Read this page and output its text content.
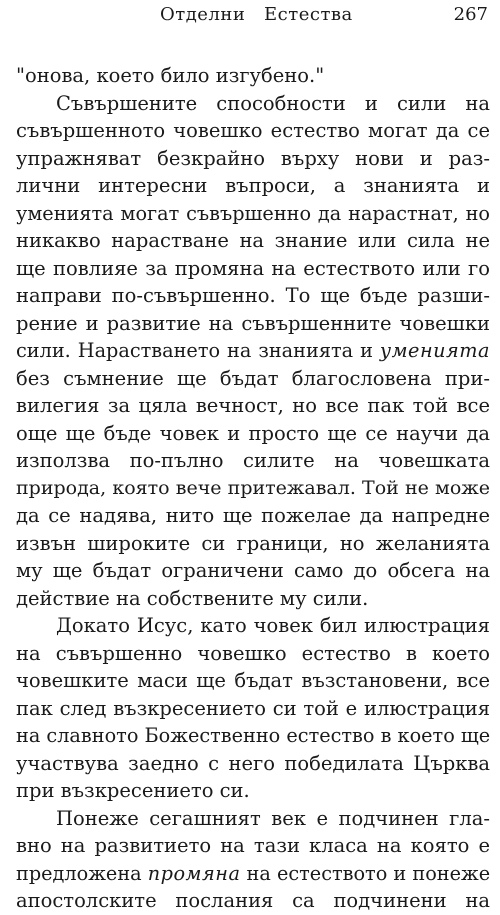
Отделни   Естества	267
"онова, което било изгубено."
Съвършените способности и сили на
съвършенното човешко естество могат да се
упражняват безкрайно върху нови и раз-
лични интересни въпроси, а знанията и
уменията могат съвършенно да нарастнат, но
никакво нарастване на знание или сила не
ще повлияе за промяна на естеството или го
направи по-съвършенно. То ще бъде разши-
рение и развитие на съвършенните човешки
сили. Нарастването на знанията и уменията
без съмнение ще бъдат благословена при-
вилегия за цяла вечност, но все пак той все
още ще бъде човек и просто ще се научи да
използва по-пълно силите на човешката
природа, която вече притежавал. Той не може
да се надява, нито ще пожелае да напредне
извън широките си граници, но желанията
му ще бъдат ограничени само до обсега на
действие на собствените му сили.
Докато Исус, като човек бил илюстрация
на съвършенно човешко естество в което
човешките маси ще бъдат възстановени, все
пак след възкресението си той е илюстрация
на славното Божественно естество в което ще
участвува заедно с него победилата Църква
при възкресението си.
Понеже сегашният век е подчинен гла-
вно на развитието на тази класа на която е
предложена промяна на естеството и понеже
апостолските послания са подчинени на
